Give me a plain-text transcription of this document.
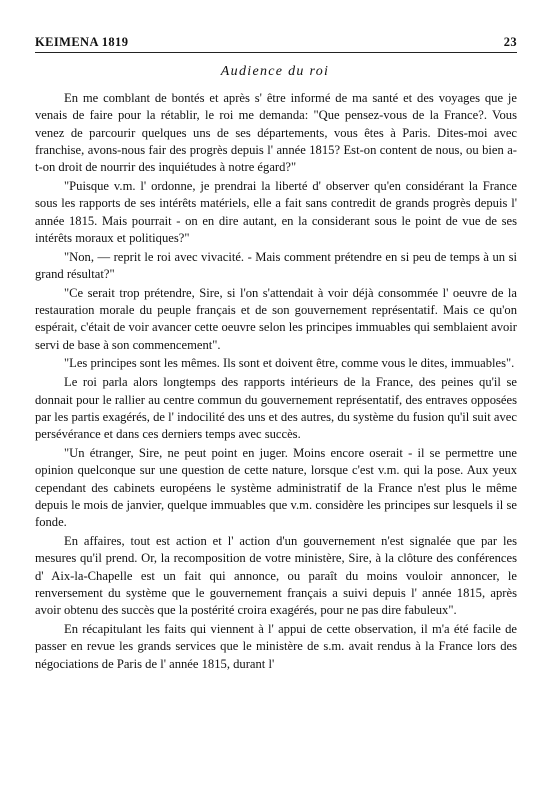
KEIMENA 1819	23
Audience du roi

En me comblant de bontés et après s' être informé de ma santé et des voyages que je venais de faire pour la rétablir, le roi me demanda: "Que pensez-vous de la France?. Vous venez de parcourir quelques uns de ses départements, vous êtes à Paris. Dites-moi avec franchise, avons-nous fair des progrès depuis l' année 1815? Est-on content de nous, ou bien a-t-on droit de nourrir des inquiétudes à notre égard?"

"Puisque v.m. l' ordonne, je prendrai la liberté d' observer qu'en considérant la France sous les rapports de ses intérêts matériels, elle a fait sans contredit de grands progrès depuis l' année 1815. Mais pourrait - on en dire autant, en la considerant sous le point de vue de ses intérêts moraux et politiques?"

"Non, — reprit le roi avec vivacité. - Mais comment prétendre en si peu de temps à un si grand résultat?"

"Ce serait trop prétendre, Sire, si l'on s'attendait à voir déjà consommée l' oeuvre de la restauration morale du peuple français et de son gouvernement représentatif. Mais ce qu'on espérait, c'était de voir avancer cette oeuvre selon les principes immuables qui semblaient avoir servi de base à son commencement".

"Les principes sont les mêmes. Ils sont et doivent être, comme vous le dites, immuables".

Le roi parla alors longtemps des rapports intérieurs de la France, des peines qu'il se donnait pour le rallier au centre commun du gouvernement représentatif, des entraves opposées par les partis exagérés, de l' indocilité des uns et des autres, du système du fusion qu'il suit avec persévérance et dans ces derniers temps avec succès.

"Un étranger, Sire, ne peut point en juger. Moins encore oserait - il se permettre une opinion quelconque sur une question de cette nature, lorsque c'est v.m. qui la pose. Aux yeux cependant des cabinets européens le système administratif de la France n'est plus le même depuis le mois de janvier, quelque immuables que v.m. considère les principes sur lesquels il se fonde.

En affaires, tout est action et l' action d'un gouvernement n'est signalée que par les mesures qu'il prend. Or, la recomposition de votre ministère, Sire, à la clôture des conférences d' Aix-la-Chapelle est un fait qui annonce, ou paraît du moins vouloir annoncer, le renversement du système que le gouvernement français a suivi depuis l' année 1815, après avoir obtenu des succès que la postérité croira exagérés, pour ne pas dire fabuleux".

En récapitulant les faits qui viennent à l' appui de cette observation, il m'a été facile de passer en revue les grands services que le ministère de s.m. avait rendus à la France lors des négociations de Paris de l' année 1815, durant l'
